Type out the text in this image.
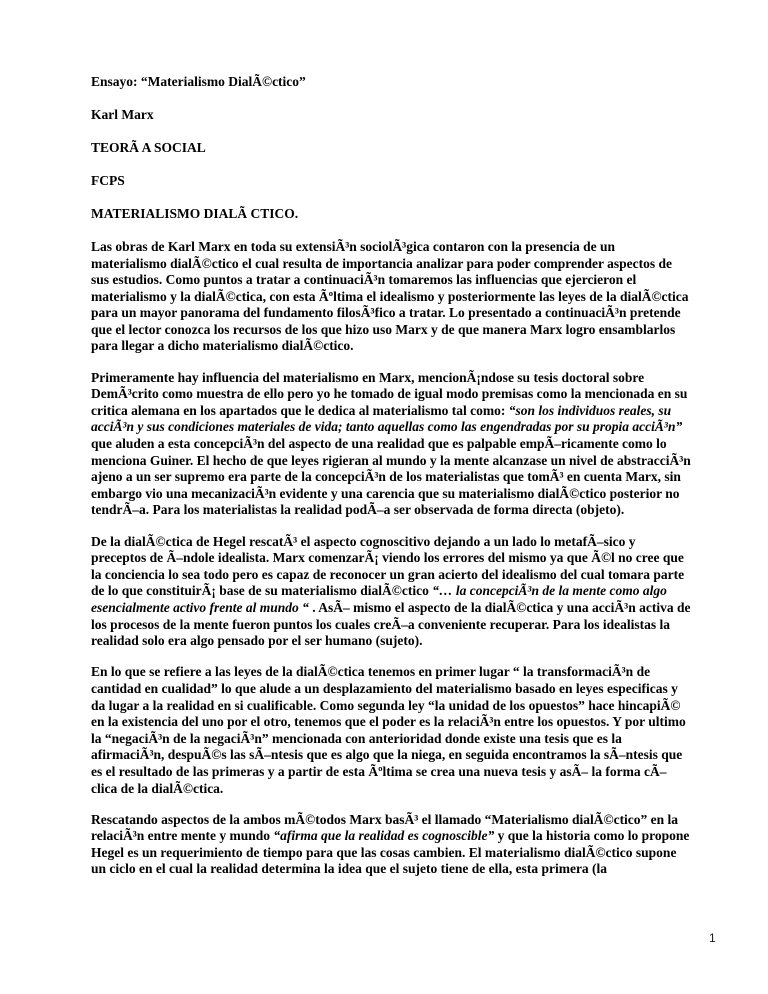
Ensayo: “Materialismo DialÃ©ctico”
Karl Marx
TEORÃ A SOCIAL
FCPS
MATERIALISMO DIALÃ CTICO.

Las obras de Karl Marx en toda su extensiÃ³n sociolÃ³gica contaron con la presencia de un materialismo dialÃ©ctico el cual resulta de importancia analizar para poder comprender aspectos de sus estudios. Como puntos a tratar a continuaciÃ³n tomaremos las influencias que ejercieron el materialismo y la dialÃ©ctica, con esta Ãºltima el idealismo y posteriormente las leyes de la dialÃ©ctica para un mayor panorama del fundamento filosÃ³fico a tratar. Lo presentado a continuaciÃ³n pretende que el lector conozca los recursos de los que hizo uso Marx y de que manera Marx logro ensamblarlos para llegar a dicho materialismo dialÃ©ctico.

Primeramente hay influencia del materialismo en Marx, mencionÃ¡ndose su tesis doctoral sobre DemÃ³crito como muestra de ello pero yo he tomado de igual modo premisas como la mencionada en su critica alemana en los apartados que le dedica al materialismo tal como: “son los individuos reales, su acciÃ³n y sus condiciones materiales de vida; tanto aquellas como las engendradas por su propia acciÃ³n” que aluden a esta concepciÃ³n del aspecto de una realidad que es palpable empÃ–ricamente como lo menciona Guiner. El hecho de que leyes rigieran al mundo y la mente alcanzase un nivel de abstracciÃ³n ajeno a un ser supremo era parte de la concepciÃ³n de los materialistas que tomÃ³ en cuenta Marx, sin embargo vio una mecanizaciÃ³n evidente y una carencia que su materialismo dialÃ©ctico posterior no tendrÃ–a. Para los materialistas la realidad podÃ–a ser observada de forma directa (objeto).

De la dialÃ©ctica de Hegel rescatÃ³ el aspecto cognoscitivo dejando a un lado lo metafÃ–sico y preceptos de Ã–ndole idealista. Marx comenzarÃ¡ viendo los errores del mismo ya que Ã©l no cree que la conciencia lo sea todo pero es capaz de reconocer un gran acierto del idealismo del cual tomara parte de lo que constituirÃ¡ base de su materialismo dialÃ©ctico “… la concepciÃ³n de la mente como algo esencialmente activo frente al mundo “ . AsÃ– mismo el aspecto de la dialÃ©ctica y una acciÃ³n activa de los procesos de la mente fueron puntos los cuales creÃ–a conveniente recuperar. Para los idealistas la realidad solo era algo pensado por el ser humano (sujeto).

En lo que se refiere a las leyes de la dialÃ©ctica tenemos en primer lugar “ la transformaciÃ³n de cantidad en cualidad” lo que alude a un desplazamiento del materialismo basado en leyes especificas y da lugar a la realidad en si cualificable. Como segunda ley “la unidad de los opuestos” hace hincapiÃ© en la existencia del uno por el otro, tenemos que el poder es la relaciÃ³n entre los opuestos. Y por ultimo la “negaciÃ³n de la negaciÃ³n” mencionada con anterioridad donde existe una tesis que es la afirmaciÃ³n, despuÃ©s las sÃ–ntesis que es algo que la niega, en seguida encontramos la sÃ–ntesis que es el resultado de las primeras y a partir de esta Ãºltima se crea una nueva tesis y asÃ– la forma cÃ–clica de la dialÃ©ctica.

Rescatando aspectos de la ambos mÃ©todos Marx basÃ³ el llamado “Materialismo dialÃ©ctico” en la relaciÃ³n entre mente y mundo “afirma que la realidad es cognoscible” y que la historia como lo propone Hegel es un requerimiento de tiempo para que las cosas cambien. El materialismo dialÃ©ctico supone un ciclo en el cual la realidad determina la idea que el sujeto tiene de ella, esta primera (la

1
